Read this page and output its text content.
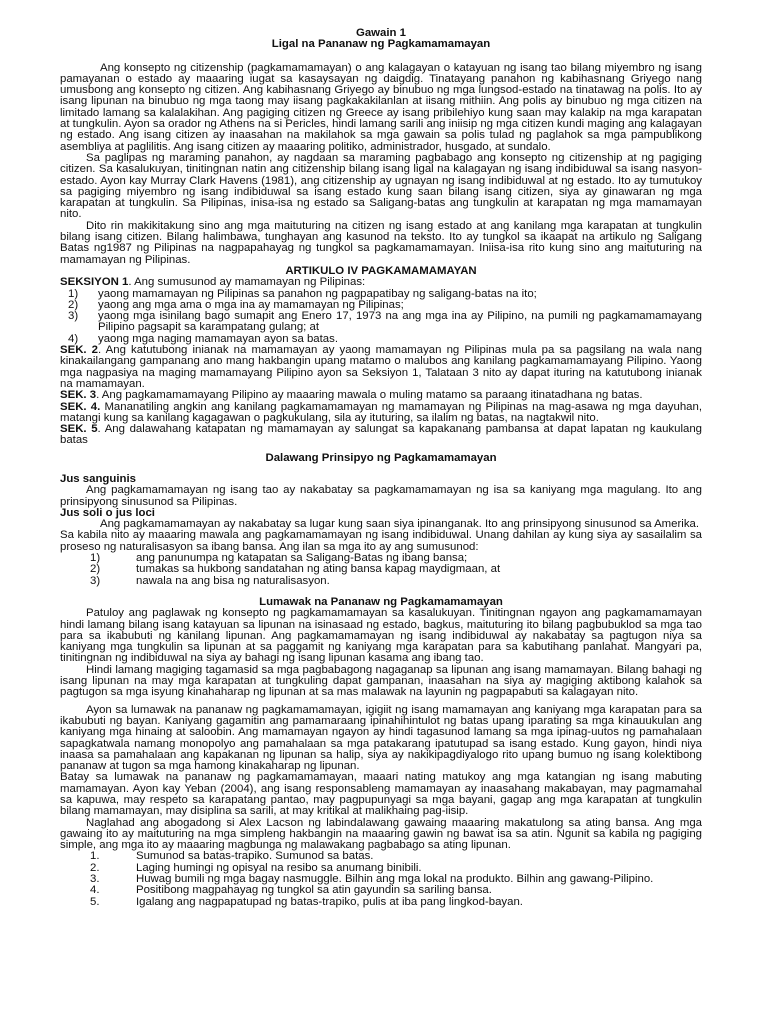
Gawain 1

Ligal na Pananaw ng Pagkamamamayan

Ang konsepto ng citizenship (pagkamamamayan) o ang kalagayan o katayuan ng isang tao bilang miyembro ng isang pamayanan o estado ay maaaring iugat sa kasaysayan ng daigdig. Tinatayang panahon ng kabihasnang Griyego nang umusbong ang konsepto ng citizen. Ang kabihasnang Griyego ay binubuo ng mga lungsod-estado na tinatawag na polis. Ito ay isang lipunan na binubuo ng mga taong may iisang pagkakakilanlan at iisang mithiin. Ang polis ay binubuo ng mga citizen na limitado lamang sa kalalakihan. Ang pagiging citizen ng Greece ay isang pribilehiyo kung saan may kalakip na mga karapatan at tungkulin. Ayon sa orador ng Athens na si Pericles, hindi lamang sarili ang iniisip ng mga citizen kundi maging ang kalagayan ng estado. Ang isang citizen ay inaasahan na makilahok sa mga gawain sa polis tulad ng paglahok sa mga pampublikong asembliya at paglilitis. Ang isang citizen ay maaaring politiko, administrador, husgado, at sundalo.

Sa paglipas ng maraming panahon, ay nagdaan sa maraming pagbabago ang konsepto ng citizenship at ng pagiging citizen. Sa kasalukuyan, tinitingnan natin ang citizenship bilang isang ligal na kalagayan ng isang indibiduwal sa isang nasyon-estado. Ayon kay Murray Clark Havens (1981), ang citizenship ay ugnayan ng isang indibiduwal at ng estado. Ito ay tumutukoy sa pagiging miyembro ng isang indibiduwal sa isang estado kung saan bilang isang citizen, siya ay ginawaran ng mga karapatan at tungkulin. Sa Pilipinas, inisa-isa ng estado sa Saligang-batas ang tungkulin at karapatan ng mga mamamayan nito.

Dito rin makikitakung sino ang mga maituturing na citizen ng isang estado at ang kanilang mga karapatan at tungkulin bilang isang citizen. Bilang halimbawa, tunghayan ang kasunod na teksto. Ito ay tungkol sa ikaapat na artikulo ng Saligang Batas ng1987 ng Pilipinas na nagpapahayag ng tungkol sa pagkamamamayan. Iniisa-isa rito kung sino ang maituturing na mamamayan ng Pilipinas.

ARTIKULO IV PAGKAMAMAMAYAN

SEKSIYON 1. Ang sumusunod ay mamamayan ng Pilipinas:

1)	yaong mamamayan ng Pilipinas sa panahon ng pagpapatibay ng saligang-batas na ito;
2)	yaong ang mga ama o mga ina ay mamamayan ng Pilipinas;
3)	yaong mga isinilang bago sumapit ang Enero 17, 1973 na ang mga ina ay Pilipino, na pumili ng pagkamamamayang Pilipino pagsapit sa karampatang gulang; at
4)	yaong mga naging mamamayan ayon sa batas.

SEK. 2. Ang katutubong inianak na mamamayan ay yaong mamamayan ng Pilipinas mula pa sa pagsilang na wala nang kinakailangang gampanang ano mang hakbangin upang matamo o malubos ang kanilang pagkamamamayang Pilipino. Yaong mga nagpasiya na maging mamamayang Pilipino ayon sa Seksiyon 1, Talataan 3 nito ay dapat ituring na katutubong inianak na mamamayan.

SEK. 3. Ang pagkamamamayang Pilipino ay maaaring mawala o muling matamo sa paraang itinatadhana ng batas.

SEK. 4. Mananatiling angkin ang kanilang pagkamamamayan ng mamamayan ng Pilipinas na mag-asawa ng mga dayuhan, matangi kung sa kanilang kagagawan o pagkukulang, sila ay ituturing, sa ilalim ng batas, na nagtakwil nito.

SEK. 5. Ang dalawahang katapatan ng mamamayan ay salungat sa kapakanang pambansa at dapat lapatan ng kaukulang batas

Dalawang Prinsipyo ng Pagkamamamayan

Jus sanguinis

Ang pagkamamamayan ng isang tao ay nakabatay sa pagkamamamayan ng isa sa kaniyang mga magulang. Ito ang prinsipyong sinusunod sa Pilipinas.

Jus soli o jus loci

Ang pagkamamamayan ay nakabatay sa lugar kung saan siya ipinanganak. Ito ang prinsipyong sinusunod sa Amerika.

Sa kabila nito ay maaaring mawala ang pagkamamamayan ng isang indibiduwal. Unang dahilan ay kung siya ay sasailalim sa proseso ng naturalisasyon sa ibang bansa. Ang ilan sa mga ito ay ang sumusunod:

1)	ang panunumpa ng katapatan sa Saligang-Batas ng ibang bansa;
2)	tumakas sa hukbong sandatahan ng ating bansa kapag maydigmaan, at
3)	nawala na ang bisa ng naturalisasyon.

Lumawak na Pananaw ng Pagkamamamayan

Patuloy ang paglawak ng konsepto ng pagkamamamayan sa kasalukuyan. Tinitingnan ngayon ang pagkamamamayan hindi lamang bilang isang katayuan sa lipunan na isinasaad ng estado, bagkus, maituturing ito bilang pagbubuklod sa mga tao para sa ikabubuti ng kanilang lipunan. Ang pagkamamamayan ng isang indibiduwal ay nakabatay sa pagtugon niya sa kaniyang mga tungkulin sa lipunan at sa paggamit ng kaniyang mga karapatan para sa kabutihang panlahat. Mangyari pa, tinitingnan ng indibiduwal na siya ay bahagi ng isang lipunan kasama ang ibang tao.

Hindi lamang magiging tagamasid sa mga pagbabagong nagaganap sa lipunan ang isang mamamayan. Bilang bahagi ng isang lipunan na may mga karapatan at tungkuling dapat gampanan, inaasahan na siya ay magiging aktibong kalahok sa pagtugon sa mga isyung kinahaharap ng lipunan at sa mas malawak na layunin ng pagpapabuti sa kalagayan nito.

Ayon sa lumawak na pananaw ng pagkamamamayan, igigiit ng isang mamamayan ang kaniyang mga karapatan para sa ikabubuti ng bayan. Kaniyang gagamitin ang pamamaraang ipinahihintulot ng batas upang iparating sa mga kinauukulan ang kaniyang mga hinaing at saloobin. Ang mamamayan ngayon ay hindi tagasunod lamang sa mga ipinag-uutos ng pamahalaan sapagkatwala namang monopolyo ang pamahalaan sa mga patakarang ipatutupad sa isang estado. Kung gayon, hindi niya inaasa sa pamahalaan ang kapakanan ng lipunan sa halip, siya ay nakikipagdiyalogo rito upang bumuo ng isang kolektibong pananaw at tugon sa mga hamong kinakaharap ng lipunan.

Batay sa lumawak na pananaw ng pagkamamamayan, maaari nating matukoy ang mga katangian ng isang mabuting mamamayan. Ayon kay Yeban (2004), ang isang responsableng mamamayan ay inaasahang makabayan, may pagmamahal sa kapuwa, may respeto sa karapatang pantao, may pagpupunyagi sa mga bayani, gagap ang mga karapatan at tungkulin bilang mamamayan, may disiplina sa sarili, at may kritikal at malikhaing pag-iisip.

Naglahad ang abogadong si Alex Lacson ng labindalawang gawaing maaaring makatulong sa ating bansa. Ang mga gawaing ito ay maituturing na mga simpleng hakbangin na maaaring gawin ng bawat isa sa atin. Ngunit sa kabila ng pagiging simple, ang mga ito ay maaaring magbunga ng malawakang pagbabago sa ating lipunan.

1.	Sumunod sa batas-trapiko. Sumunod sa batas.
2.	Laging humingi ng opisyal na resibo sa anumang binibili.
3.	Huwag bumili ng mga bagay nasmuggle. Bilhin ang mga lokal na produkto. Bilhin ang gawang-Pilipino.
4.	Positibong magpahayag ng tungkol sa atin gayundin sa sariling bansa.
5.	Igalang ang nagpapatupad ng batas-trapiko, pulis at iba pang lingkod-bayan.
